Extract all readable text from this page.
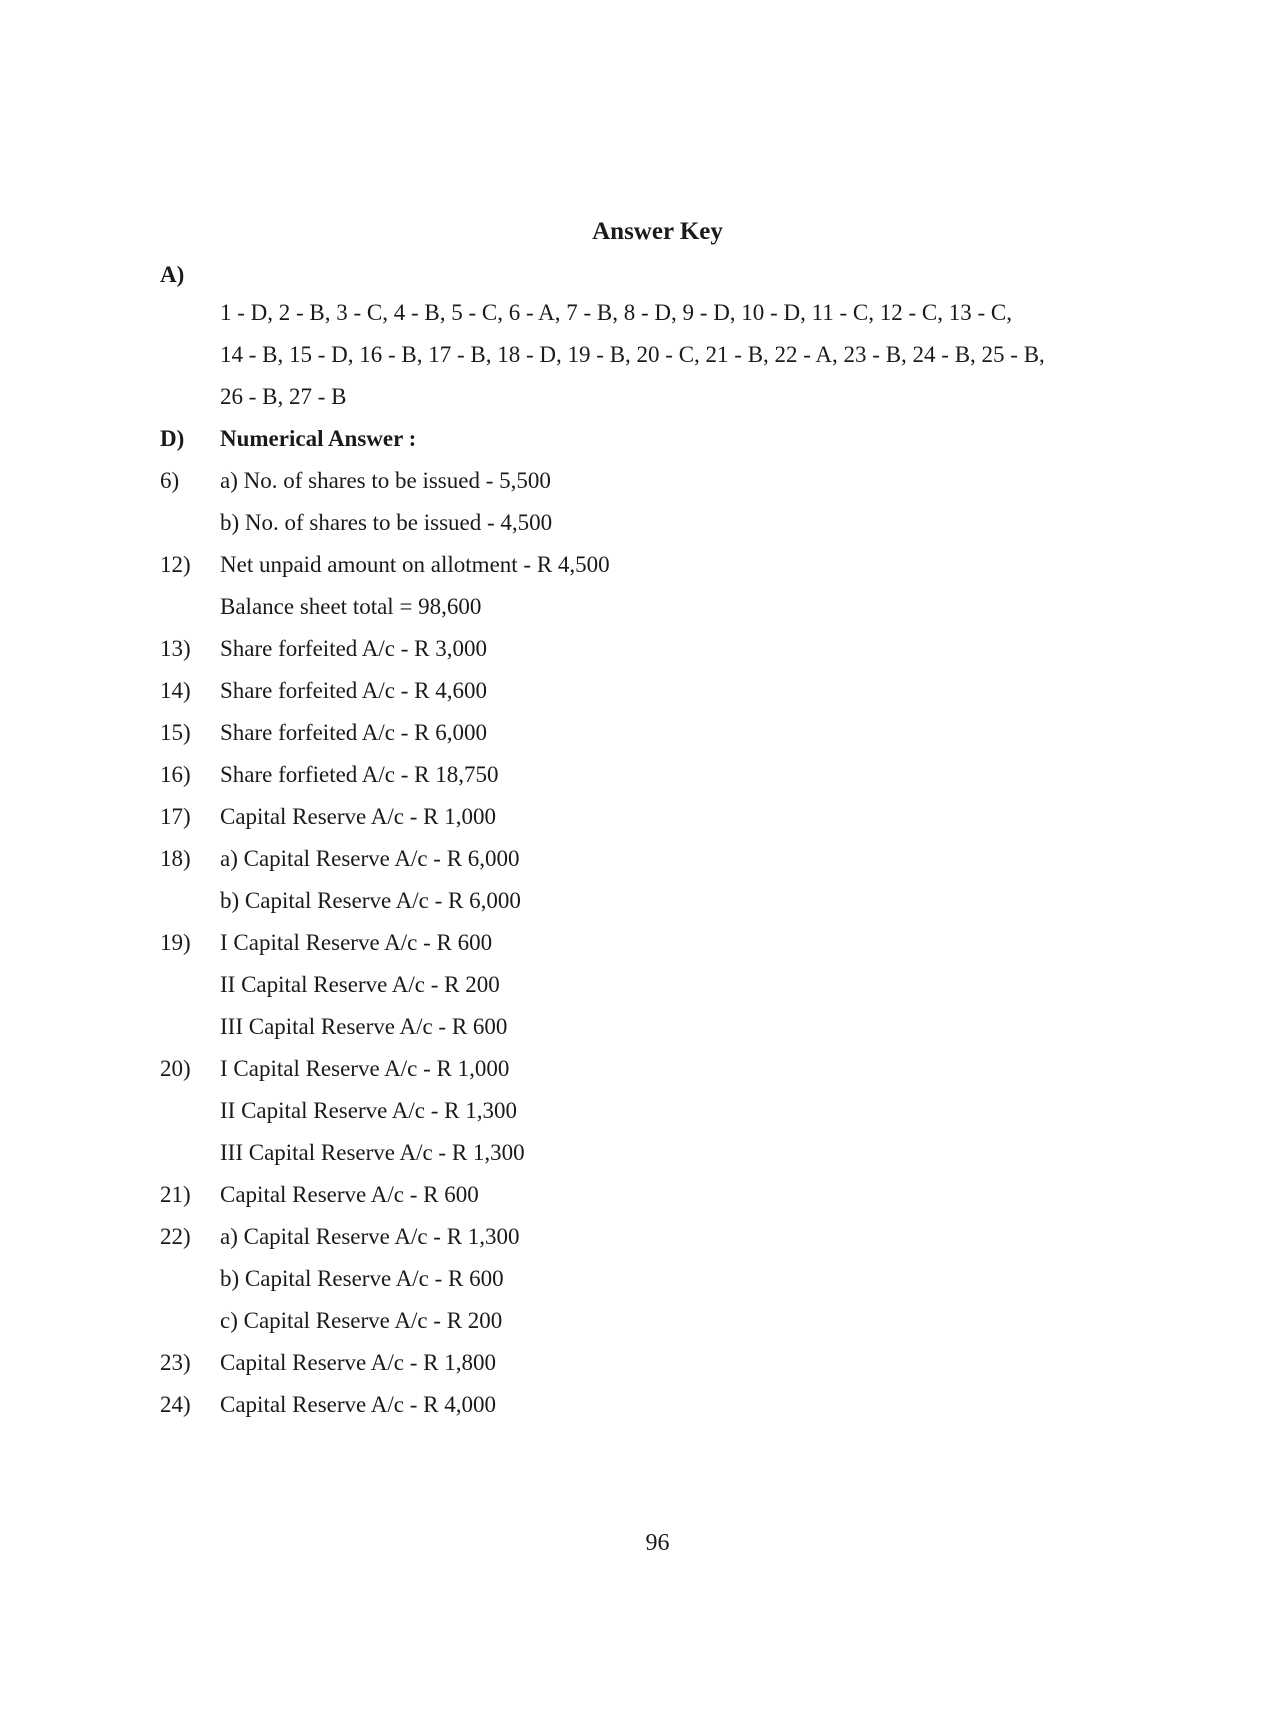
Answer Key
A)
1 - D, 2 - B, 3 - C, 4 - B, 5 - C, 6 - A, 7 - B, 8 - D, 9 - D, 10 - D, 11 - C, 12 - C, 13 - C,
14 - B, 15 - D, 16 - B, 17 - B, 18 - D, 19 - B, 20 - C, 21 - B, 22 - A, 23 - B, 24 - B, 25 - B,
26 - B, 27 - B
D) Numerical Answer :
6) a) No. of shares to be issued - 5,500
b) No. of shares to be issued - 4,500
12) Net unpaid amount on allotment - R 4,500
Balance sheet total = 98,600
13) Share forfeited A/c - R 3,000
14) Share forfeited A/c - R 4,600
15) Share forfeited A/c - R 6,000
16) Share forfieted A/c - R 18,750
17) Capital Reserve A/c - R 1,000
18) a) Capital Reserve A/c - R 6,000
b) Capital Reserve A/c - R 6,000
19) I Capital Reserve A/c - R 600
II Capital Reserve A/c - R 200
III Capital Reserve A/c - R 600
20) I Capital Reserve A/c - R 1,000
II Capital Reserve A/c - R 1,300
III Capital Reserve A/c - R 1,300
21) Capital Reserve A/c - R 600
22) a) Capital Reserve A/c - R 1,300
b) Capital Reserve A/c - R 600
c) Capital Reserve A/c - R 200
23) Capital Reserve A/c - R 1,800
24) Capital Reserve A/c - R 4,000
96
